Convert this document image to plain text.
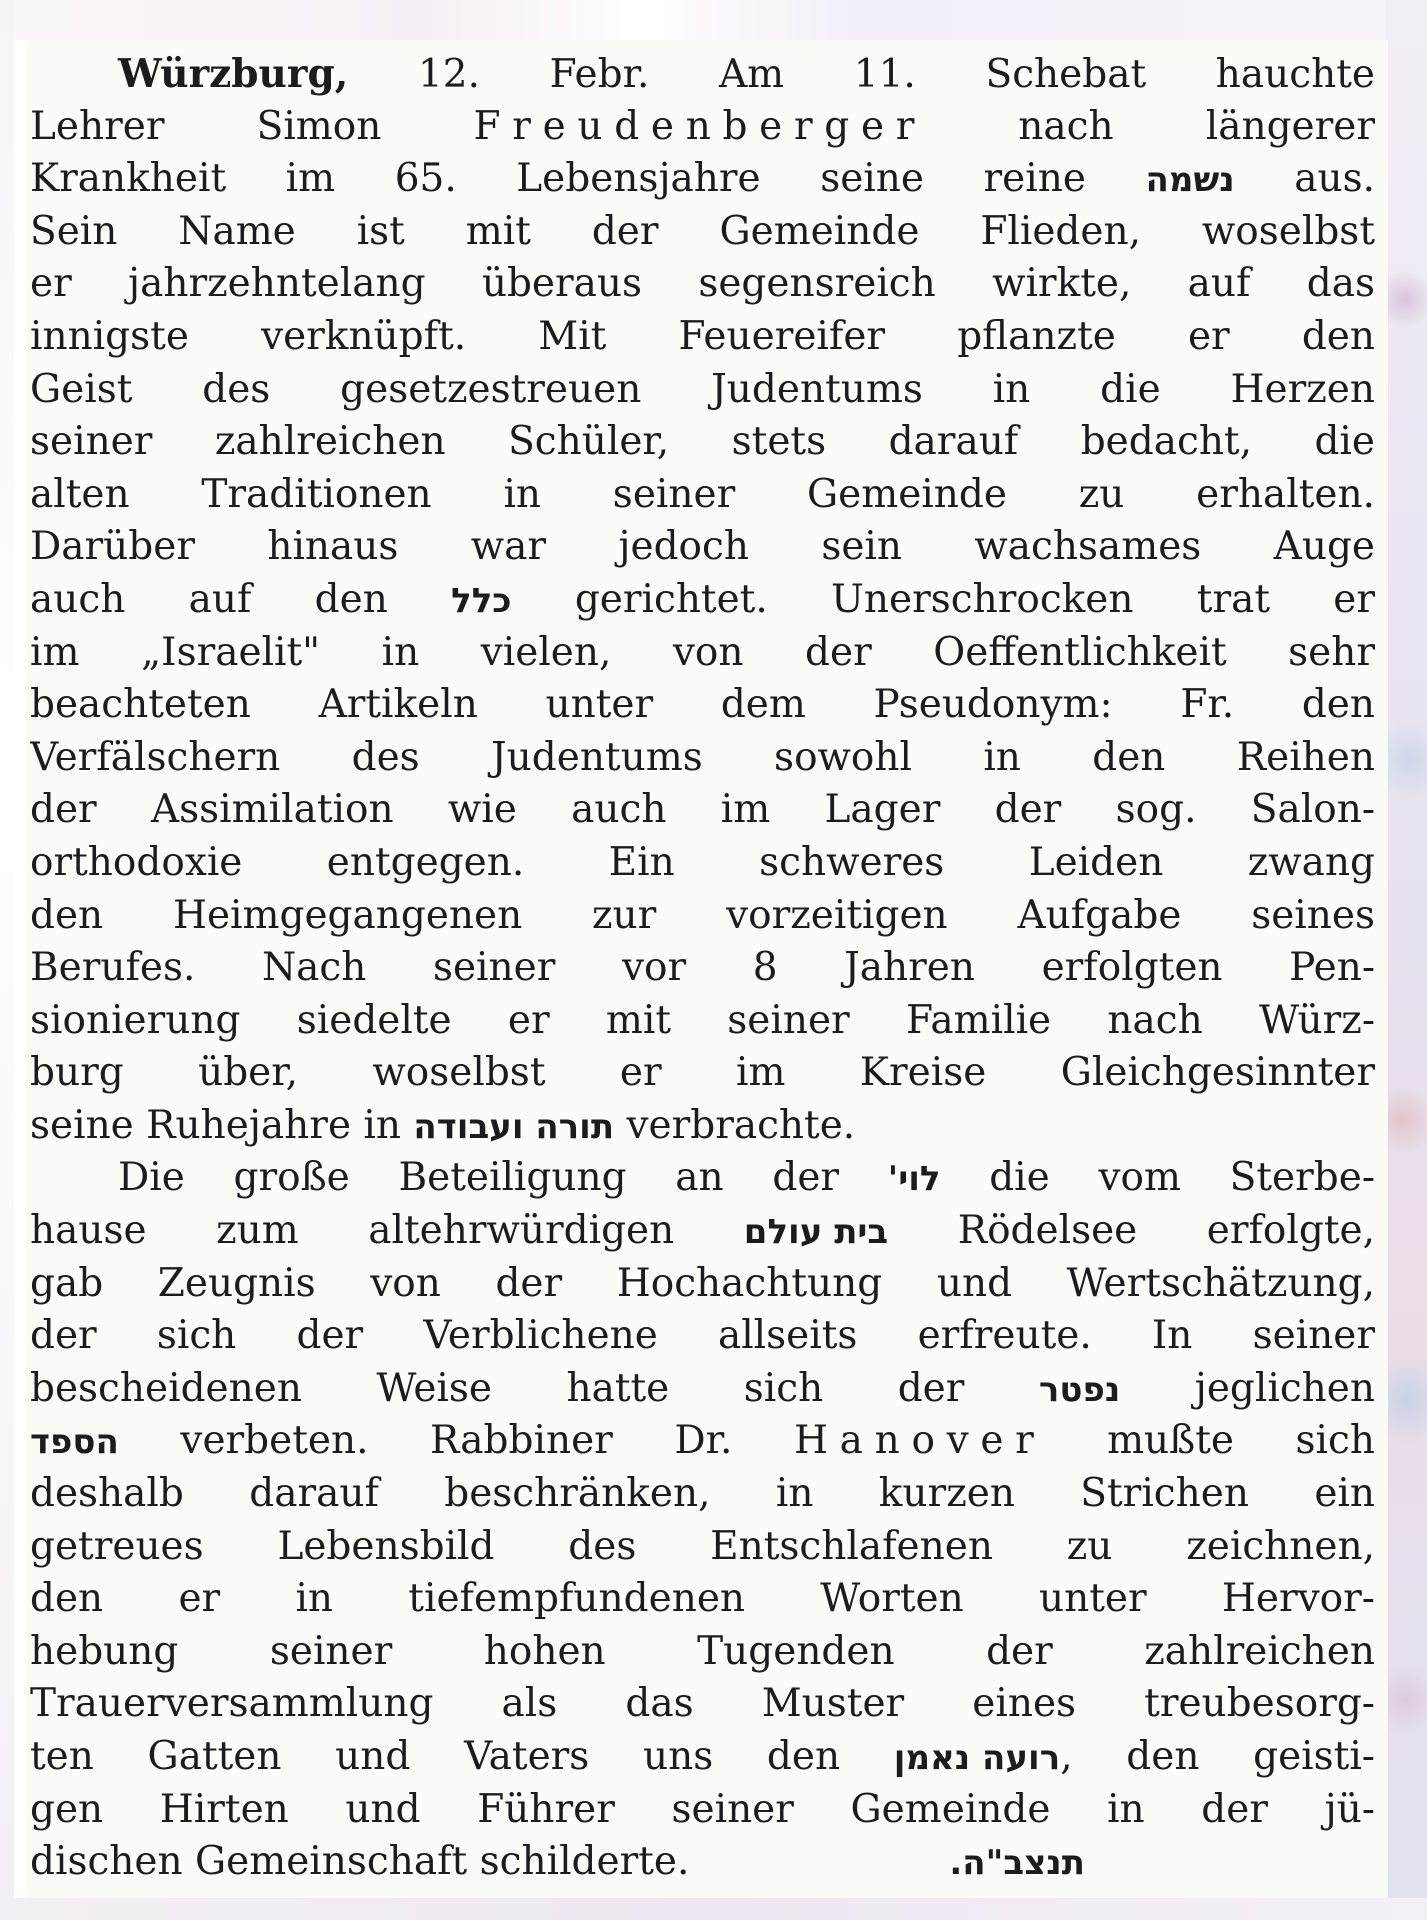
Würzburg, 12. Febr. Am 11. Schebat hauchte
Lehrer Simon Freudenberger nach längerer
Krankheit im 65. Lebensjahre seine reine נשמה aus.
Sein Name ist mit der Gemeinde Flieden, woselbst
er jahrzehntelang überaus segensreich wirkte, auf das
innigste verknüpft. Mit Feuereifer pflanzte er den
Geist des gesetzestreuen Judentums in die Herzen
seiner zahlreichen Schüler, stets darauf bedacht, die
alten Traditionen in seiner Gemeinde zu erhalten.
Darüber hinaus war jedoch sein wachsames Auge
auch auf den כלל gerichtet. Unerschrocken trat er
im „Israelit" in vielen, von der Oeffentlichkeit sehr
beachteten Artikeln unter dem Pseudonym: Fr. den
Verfälschern des Judentums sowohl in den Reihen
der Assimilation wie auch im Lager der sog. Salon-
orthodoxie entgegen. Ein schweres Leiden zwang
den Heimgegangenen zur vorzeitigen Aufgabe seines
Berufes. Nach seiner vor 8 Jahren erfolgten Pen-
sionierung siedelte er mit seiner Familie nach Würz-
burg über, woselbst er im Kreise Gleichgesinnter
seine Ruhejahre in תורה ועבודה verbrachte.
Die große Beteiligung an der לוי' die vom Sterbe-
hause zum altehrwürdigen בית עולם Rödelsee erfolgte,
gab Zeugnis von der Hochachtung und Wertschätzung,
der sich der Verblichene allseits erfreute. In seiner
bescheidenen Weise hatte sich der נפטר jeglichen
הספד verbeten. Rabbiner Dr. Hanover mußte sich
deshalb darauf beschränken, in kurzen Strichen ein
getreues Lebensbild des Entschlafenen zu zeichnen,
den er in tiefempfundenen Worten unter Hervor-
hebung seiner hohen Tugenden der zahlreichen
Trauerversammlung als das Muster eines treubesorg-
ten Gatten und Vaters uns den רועה נאמן, den geisti-
gen Hirten und Führer seiner Gemeinde in der jü-
dischen Gemeinschaft schilderte.	תנצב"ה.
